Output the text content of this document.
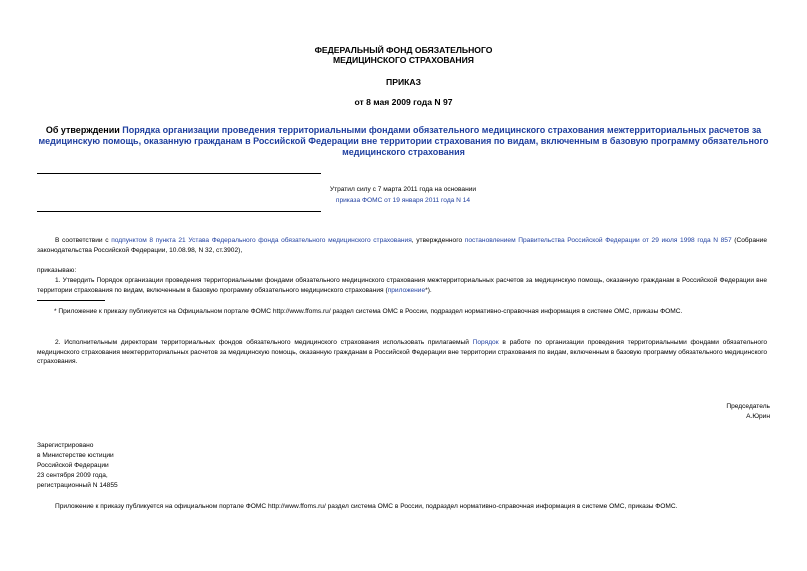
ФЕДЕРАЛЬНЫЙ ФОНД ОБЯЗАТЕЛЬНОГО
МЕДИЦИНСКОГО СТРАХОВАНИЯ
ПРИКАЗ
от 8 мая 2009 года N 97
Об утверждении Порядка организации проведения территориальными фондами обязательного медицинского страхования межтерриториальных расчетов за медицинскую помощь, оказанную гражданам в Российской Федерации вне территории страхования по видам, включенным в базовую программу обязательного медицинского страхования
Утратил силу с 7 марта 2011 года на основании
приказа ФОМС от 19 января 2011 года N 14
В соответствии с подпунктом 8 пункта 21 Устава Федерального фонда обязательного медицинского страхования, утвержденного постановлением Правительства Российской Федерации от 29 июля 1998 года N 857 (Собрание законодательства Российской Федерации, 10.08.98, N 32, ст.3902),
приказываю:
1. Утвердить Порядок организации проведения территориальными фондами обязательного медицинского страхования межтерриториальных расчетов за медицинскую помощь, оказанную гражданам в Российской Федерации вне территории страхования по видам, включенным в базовую программу обязательного медицинского страхования (приложение*).
* Приложение к приказу публикуется на Официальном портале ФОМС http://www.ffoms.ru/ раздел система ОМС в России, подраздел нормативно-справочная информация в системе ОМС, приказы ФОМС.
2. Исполнительным директорам территориальных фондов обязательного медицинского страхования использовать прилагаемый Порядок в работе по организации проведения территориальными фондами обязательного медицинского страхования межтерриториальных расчетов за медицинскую помощь, оказанную гражданам в Российской Федерации вне территории страхования по видам, включенным в базовую программу обязательного медицинского страхования.
Председатель
А.Юрин
Зарегистрировано
в Министерстве юстиции
Российской Федерации
23 сентября 2009 года,
регистрационный N 14855
Приложение к приказу публикуется на официальном портале ФОМС http://www.ffoms.ru/ раздел система ОМС в России, подраздел нормативно-справочная информация в системе ОМС, приказы ФОМС.
